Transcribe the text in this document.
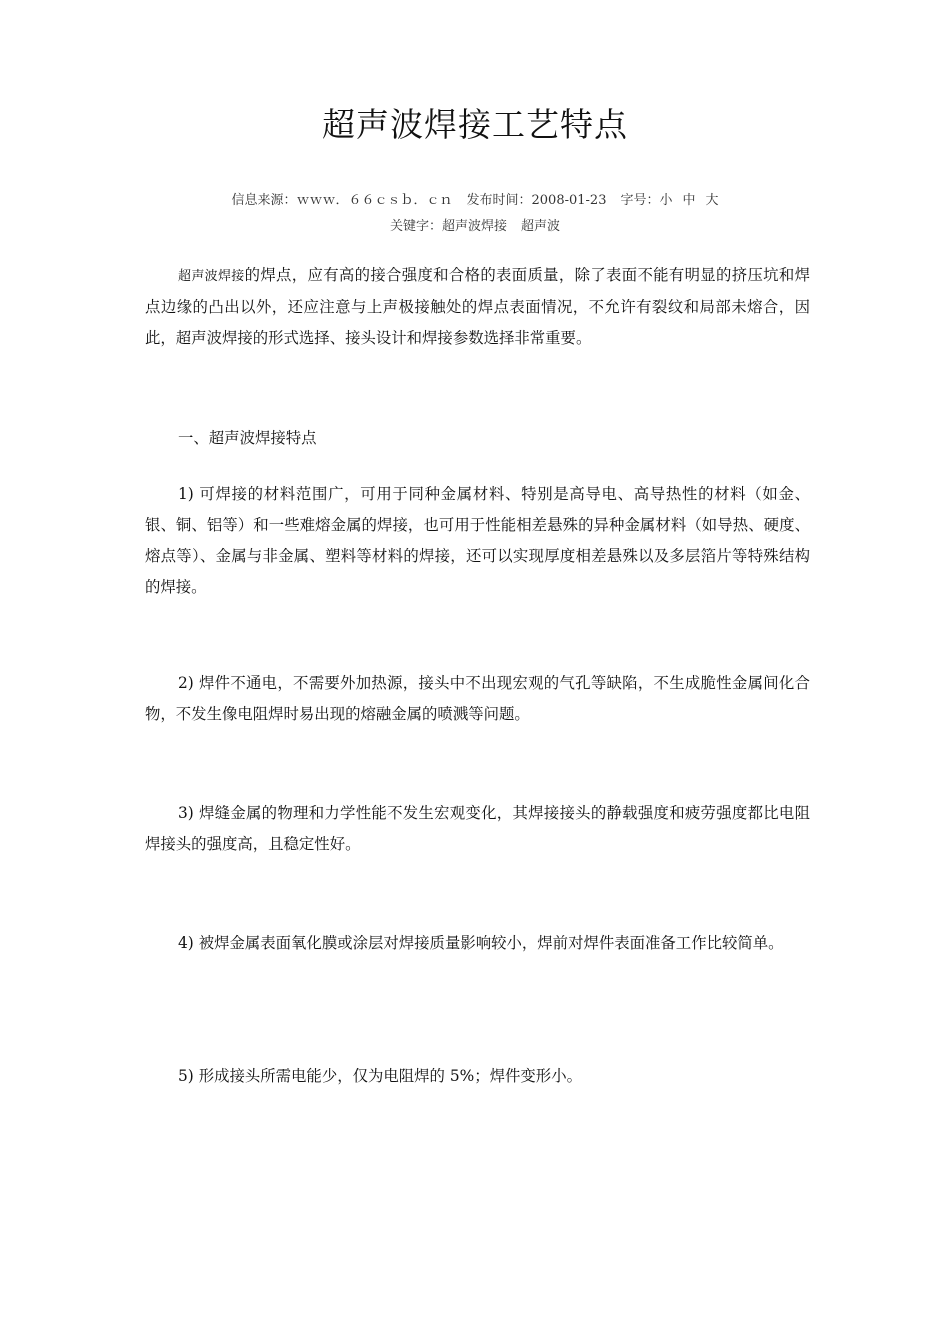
超声波焊接工艺特点
信息来源：ｗｗｗ．６６ｃｓｂ．ｃｎ 发布时间：2008-01-23 字号：小 中 大
关键字：超声波焊接 超声波

超声波焊接的焊点，应有高的接合强度和合格的表面质量，除了表面不能有明显的挤压坑和焊点边缘的凸出以外，还应注意与上声极接触处的焊点表面情况，不允许有裂纹和局部未熔合，因此，超声波焊接的形式选择、接头设计和焊接参数选择非常重要。

一、超声波焊接特点

1) 可焊接的材料范围广，可用于同种金属材料、特别是高导电、高导热性的材料（如金、银、铜、铝等）和一些难熔金属的焊接，也可用于性能相差悬殊的异种金属材料（如导热、硬度、熔点等）、金属与非金属、塑料等材料的焊接，还可以实现厚度相差悬殊以及多层箔片等特殊结构的焊接。

2) 焊件不通电，不需要外加热源，接头中不出现宏观的气孔等缺陷，不生成脆性金属间化合物，不发生像电阻焊时易出现的熔融金属的喷溅等问题。

3) 焊缝金属的物理和力学性能不发生宏观变化，其焊接接头的静载强度和疲劳强度都比电阻焊接头的强度高，且稳定性好。

4) 被焊金属表面氧化膜或涂层对焊接质量影响较小，焊前对焊件表面准备工作比较简单。

5) 形成接头所需电能少，仅为电阻焊的 5%；焊件变形小。
